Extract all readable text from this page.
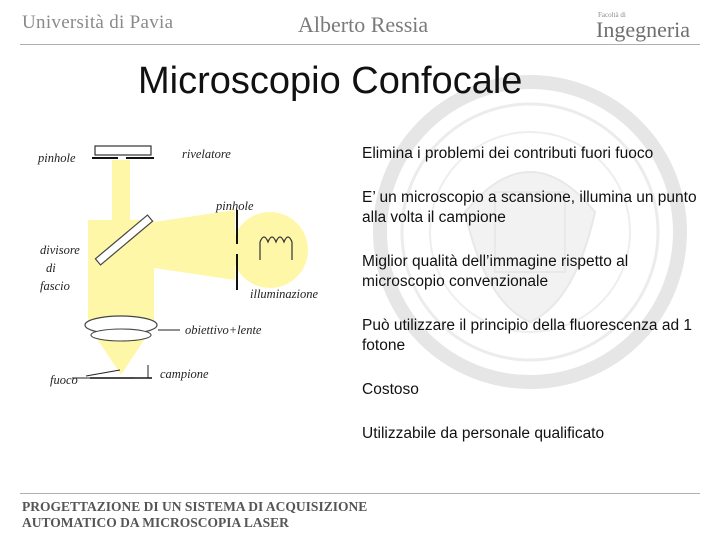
Università di Pavia	Alberto Ressia	Facoltà di
Ingegneria
Microscopio Confocale
pinhole	rivelatore
pinhole
divisore
di
fascio
illuminazione
obiettivo+lente
fuoco	campione
Elimina i problemi dei contributi fuori fuoco
E’ un microscopio a scansione, illumina un punto alla volta il campione
Miglior qualità dell’immagine rispetto al microscopio convenzionale
Può utilizzare il principio della fluorescenza ad 1 fotone
Costoso
Utilizzabile da personale qualificato
PROGETTAZIONE DI UN SISTEMA DI ACQUISIZIONE
AUTOMATICO DA MICROSCOPIA LASER
